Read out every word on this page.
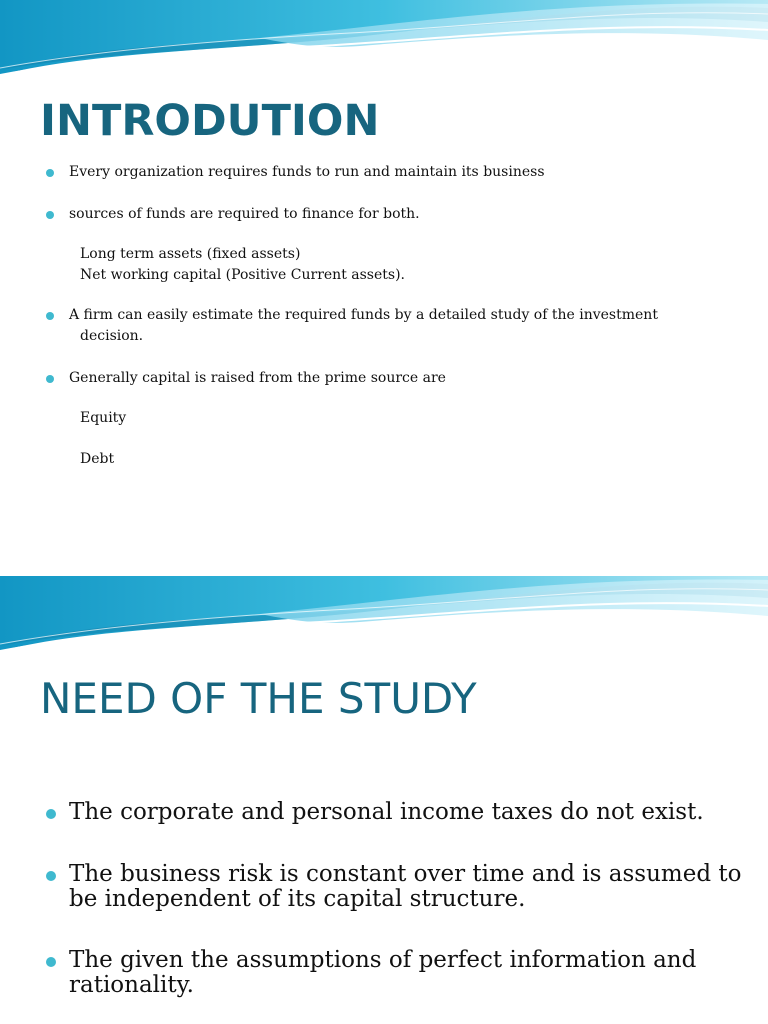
INTRODUTION
Every organization requires funds to run and maintain its business
sources of funds are required to finance for both.
Long term assets (fixed assets)
Net working capital (Positive Current assets).
A firm can easily estimate the required funds by a detailed study of the investment
decision.
Generally capital is raised from the prime source are
Equity
Debt
NEED OF THE STUDY
The corporate and personal income taxes do not exist.
The business risk is constant over time and is assumed to
be independent of its capital structure.
The given the assumptions of perfect information and
rationality.
